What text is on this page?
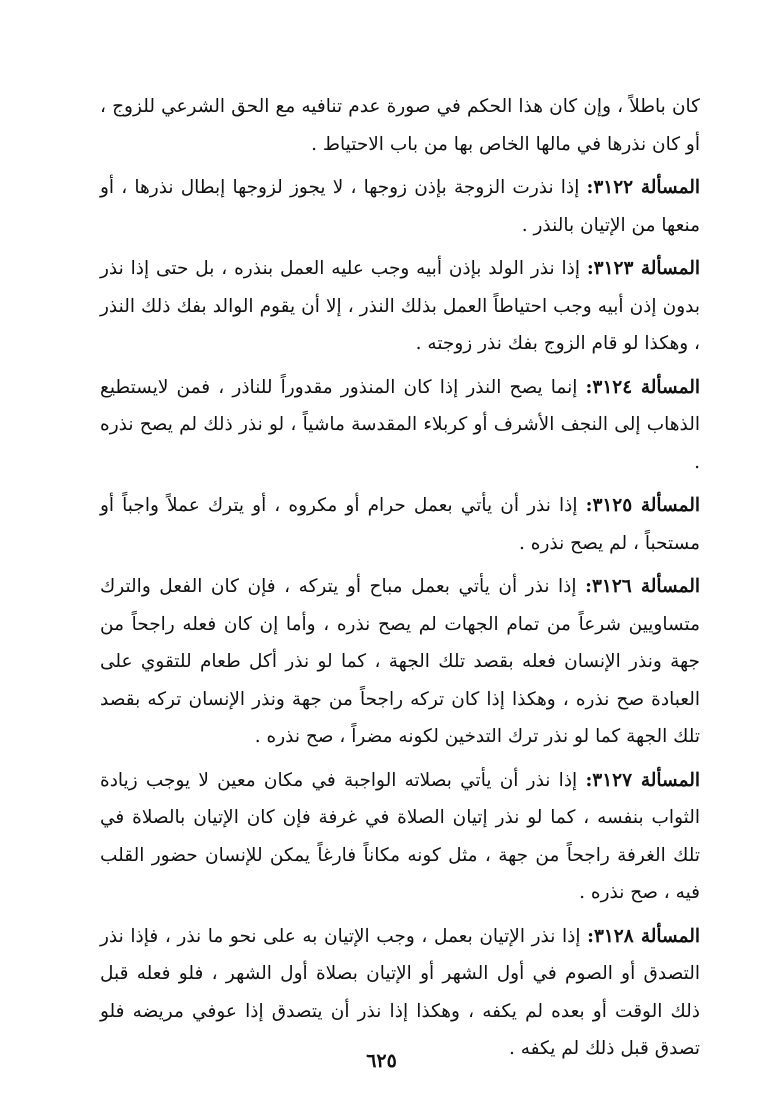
كان باطلاً ، وإن كان هذا الحكم في صورة عدم تنافيه مع الحق الشرعي للزوج ، أو كان نذرها في مالها الخاص بها من باب الاحتياط .

المسألة ٣١٢٢: إذا نذرت الزوجة بإذن زوجها ، لا يجوز لزوجها إبطال نذرها ، أو منعها من الإتيان بالنذر .

المسألة ٣١٢٣: إذا نذر الولد بإذن أبيه وجب عليه العمل بنذره ، بل حتى إذا نذر بدون إذن أبيه وجب احتياطاً العمل بذلك النذر ، إلا أن يقوم الوالد بفك ذلك النذر ، وهكذا لو قام الزوج بفك نذر زوجته .

المسألة ٣١٢٤: إنما يصح النذر إذا كان المنذور مقدوراً للناذر ، فمن لايستطيع الذهاب إلى النجف الأشرف أو كربلاء المقدسة ماشياً ، لو نذر ذلك لم يصح نذره .

المسألة ٣١٢٥: إذا نذر أن يأتي بعمل حرام أو مكروه ، أو يترك عملاً واجباً أو مستحباً ، لم يصح نذره .

المسألة ٣١٢٦: إذا نذر أن يأتي بعمل مباح أو يتركه ، فإن كان الفعل والترك متساويين شرعاً من تمام الجهات لم يصح نذره ، وأما إن كان فعله راجحاً من جهة ونذر الإنسان فعله بقصد تلك الجهة ، كما لو نذر أكل طعام للتقوي على العبادة صح نذره ، وهكذا إذا كان تركه راجحاً من جهة ونذر الإنسان تركه بقصد تلك الجهة كما لو نذر ترك التدخين لكونه مضراً ، صح نذره .

المسألة ٣١٢٧: إذا نذر أن يأتي بصلاته الواجبة في مكان معين لا يوجب زيادة الثواب بنفسه ، كما لو نذر إتيان الصلاة في غرفة فإن كان الإتيان بالصلاة في تلك الغرفة راجحاً من جهة ، مثل كونه مكاناً فارغاً يمكن للإنسان حضور القلب فيه ، صح نذره .

المسألة ٣١٢٨: إذا نذر الإتيان بعمل ، وجب الإتيان به على نحو ما نذر ، فإذا نذر التصدق أو الصوم في أول الشهر أو الإتيان بصلاة أول الشهر ، فلو فعله قبل ذلك الوقت أو بعده لم يكفه ، وهكذا إذا نذر أن يتصدق إذا عوفي مريضه فلو تصدق قبل ذلك لم يكفه .

٦٢٥
